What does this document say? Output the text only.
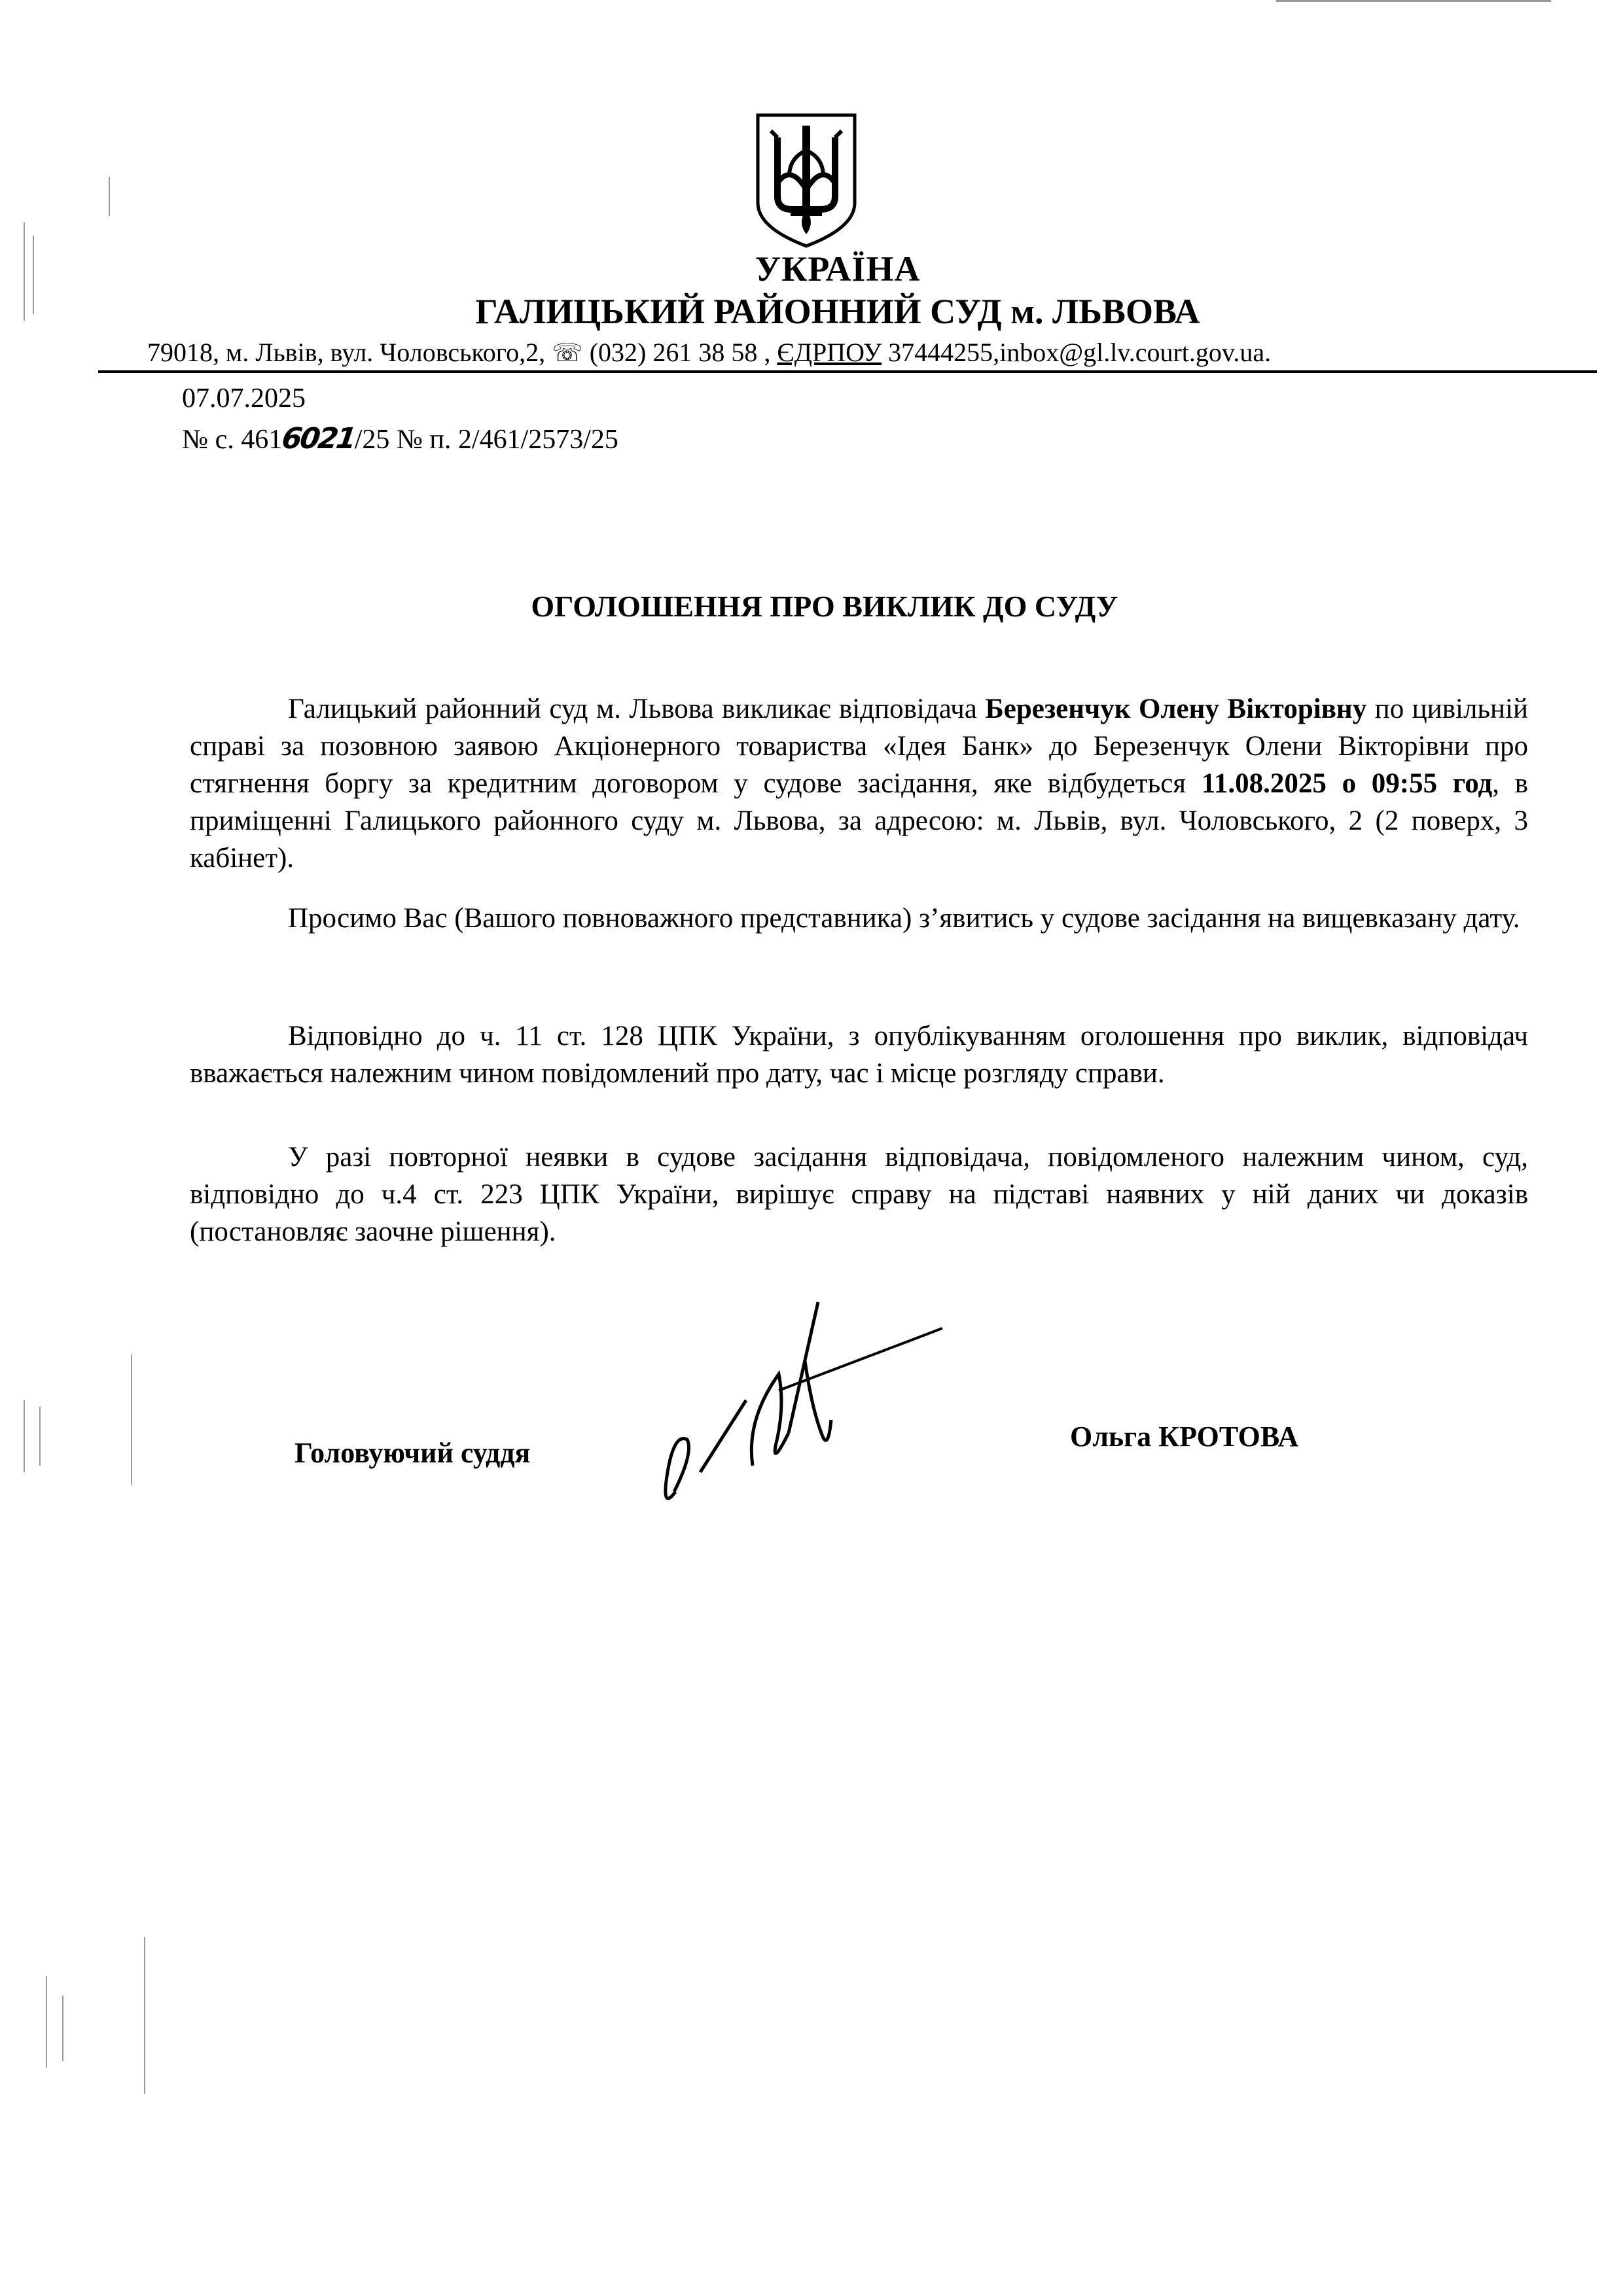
УКРАЇНА
ГАЛИЦЬКИЙ РАЙОННИЙ СУД м. ЛЬВОВА
79018, м. Львів, вул. Чоловського,2, ☏ (032) 261 38 58 , ЄДРПОУ 37444255,inbox@gl.lv.court.gov.ua.
07.07.2025
№ с. 4616021/25 № п. 2/461/2573/25
ОГОЛОШЕННЯ ПРО ВИКЛИК ДО СУДУ

Галицький районний суд м. Львова викликає відповідача Березенчук Олену Вікторівну по цивільній справі за позовною заявою Акціонерного товариства «Ідея Банк» до Березенчук Олени Вікторівни про стягнення боргу за кредитним договором у судове засідання, яке відбудеться 11.08.2025 о 09:55 год, в приміщенні Галицького районного суду м. Львова, за адресою: м. Львів, вул. Чоловського, 2 (2 поверх, 3 кабінет).

Просимо Вас (Вашого повноважного представника) з’явитись у судове засідання на вищевказану дату.

Відповідно до ч. 11 ст. 128 ЦПК України, з опублікуванням оголошення про виклик, відповідач вважається належним чином повідомлений про дату, час і місце розгляду справи.

У разі повторної неявки в судове засідання відповідача, повідомленого належним чином, суд, відповідно до ч.4 ст. 223 ЦПК України, вирішує справу на підставі наявних у ній даних чи доказів (постановляє заочне рішення).

Головуючий суддя
Ольга КРОТОВА
